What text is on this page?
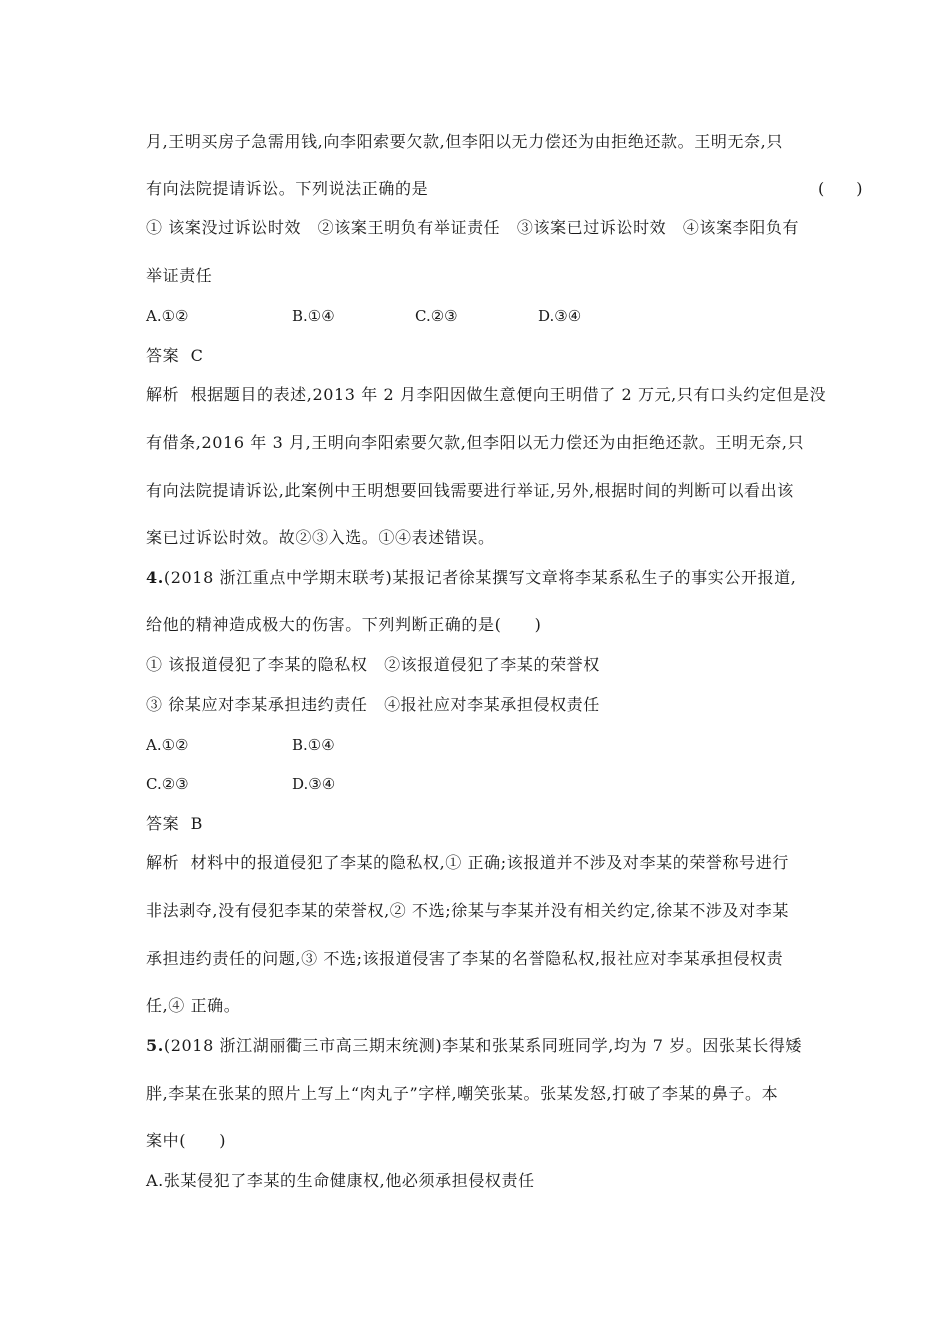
月,王明买房子急需用钱,向李阳索要欠款,但李阳以无力偿还为由拒绝还款。王明无奈,只
有向法院提请诉讼。下列说法正确的是	(　　)
① 该案没过诉讼时效　②该案王明负有举证责任　③该案已过诉讼时效　④该案李阳负有
举证责任
A.①②	B.①④	C.②③	D.③④
答案  C
解析  根据题目的表述,2013 年 2 月李阳因做生意便向王明借了 2 万元,只有口头约定但是没
有借条,2016 年 3 月,王明向李阳索要欠款,但李阳以无力偿还为由拒绝还款。王明无奈,只
有向法院提请诉讼,此案例中王明想要回钱需要进行举证,另外,根据时间的判断可以看出该
案已过诉讼时效。故②③入选。①④表述错误。
4.(2018 浙江重点中学期末联考)某报记者徐某撰写文章将李某系私生子的事实公开报道,
给他的精神造成极大的伤害。下列判断正确的是(　　)
① 该报道侵犯了李某的隐私权　②该报道侵犯了李某的荣誉权
③ 徐某应对李某承担违约责任　④报社应对李某承担侵权责任
A.①②	B.①④
C.②③	D.③④
答案  B
解析  材料中的报道侵犯了李某的隐私权,① 正确;该报道并不涉及对李某的荣誉称号进行
非法剥夺,没有侵犯李某的荣誉权,② 不选;徐某与李某并没有相关约定,徐某不涉及对李某
承担违约责任的问题,③ 不选;该报道侵害了李某的名誉隐私权,报社应对李某承担侵权责
任,④ 正确。
5.(2018 浙江湖丽衢三市高三期末统测)李某和张某系同班同学,均为 7 岁。因张某长得矮
胖,李某在张某的照片上写上“肉丸子”字样,嘲笑张某。张某发怒,打破了李某的鼻子。本
案中(　　)
A.张某侵犯了李某的生命健康权,他必须承担侵权责任
